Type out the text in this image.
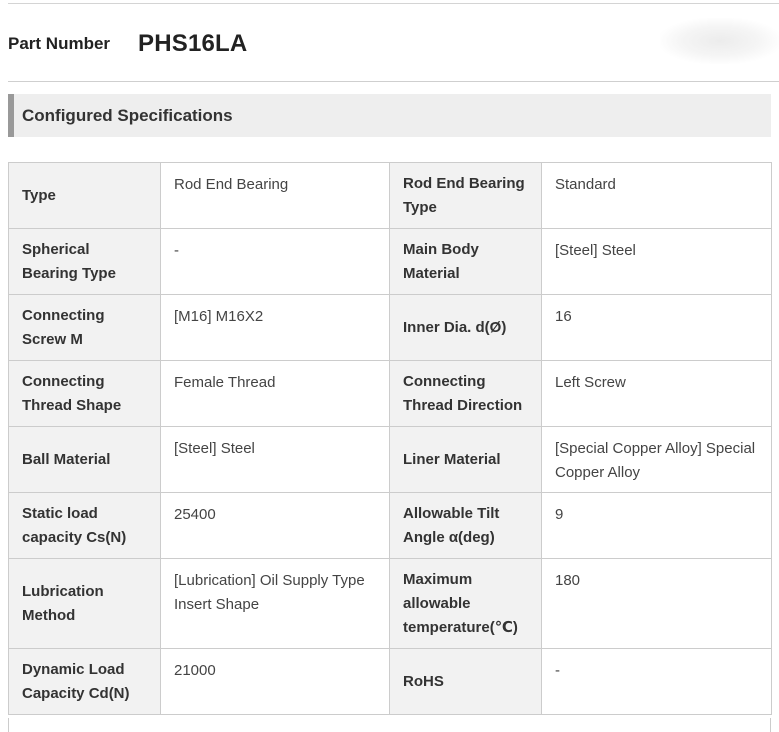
Part Number	PHS16LA
Configured Specifications
Type	Rod End Bearing	Rod End Bearing Type	Standard
Spherical Bearing Type	-	Main Body Material	[Steel] Steel
Connecting Screw M	[M16] M16X2	Inner Dia. d(Ø)	16
Connecting Thread Shape	Female Thread	Connecting Thread Direction	Left Screw
Ball Material	[Steel] Steel	Liner Material	[Special Copper Alloy] Special Copper Alloy
Static load capacity Cs(N)	25400	Allowable Tilt Angle α(deg)	9
Lubrication Method	[Lubrication] Oil Supply Type Insert Shape	Maximum allowable temperature(℃)	180
Dynamic Load Capacity Cd(N)	21000	RoHS	-
